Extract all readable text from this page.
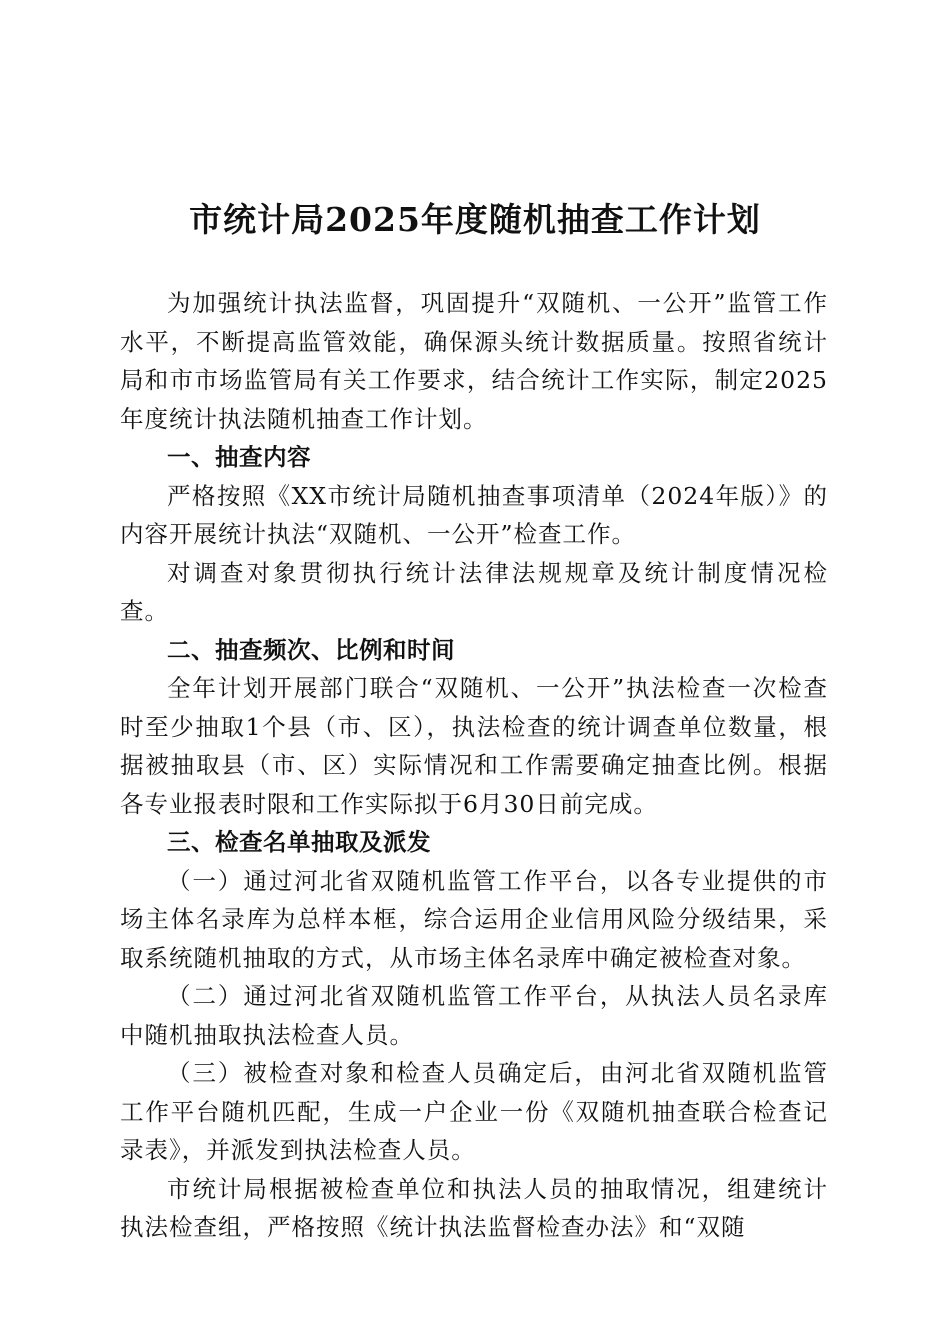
市统计局2025年度随机抽查工作计划

为加强统计执法监督，巩固提升“双随机、一公开”监管工作水平，不断提高监管效能，确保源头统计数据质量。按照省统计局和市市场监管局有关工作要求，结合统计工作实际，制定2025年度统计执法随机抽查工作计划。

一、抽查内容

严格按照《XX市统计局随机抽查事项清单（2024年版）》的内容开展统计执法“双随机、一公开”检查工作。

对调查对象贯彻执行统计法律法规规章及统计制度情况检查。

二、抽查频次、比例和时间

全年计划开展部门联合“双随机、一公开”执法检查一次检查时至少抽取1个县（市、区），执法检查的统计调查单位数量，根据被抽取县（市、区）实际情况和工作需要确定抽查比例。根据各专业报表时限和工作实际拟于6月30日前完成。

三、检查名单抽取及派发

（一）通过河北省双随机监管工作平台，以各专业提供的市场主体名录库为总样本框，综合运用企业信用风险分级结果，采取系统随机抽取的方式，从市场主体名录库中确定被检查对象。

（二）通过河北省双随机监管工作平台，从执法人员名录库中随机抽取执法检查人员。

（三）被检查对象和检查人员确定后，由河北省双随机监管工作平台随机匹配，生成一户企业一份《双随机抽查联合检查记录表》，并派发到执法检查人员。

市统计局根据被检查单位和执法人员的抽取情况，组建统计执法检查组，严格按照《统计执法监督检查办法》和“双随
